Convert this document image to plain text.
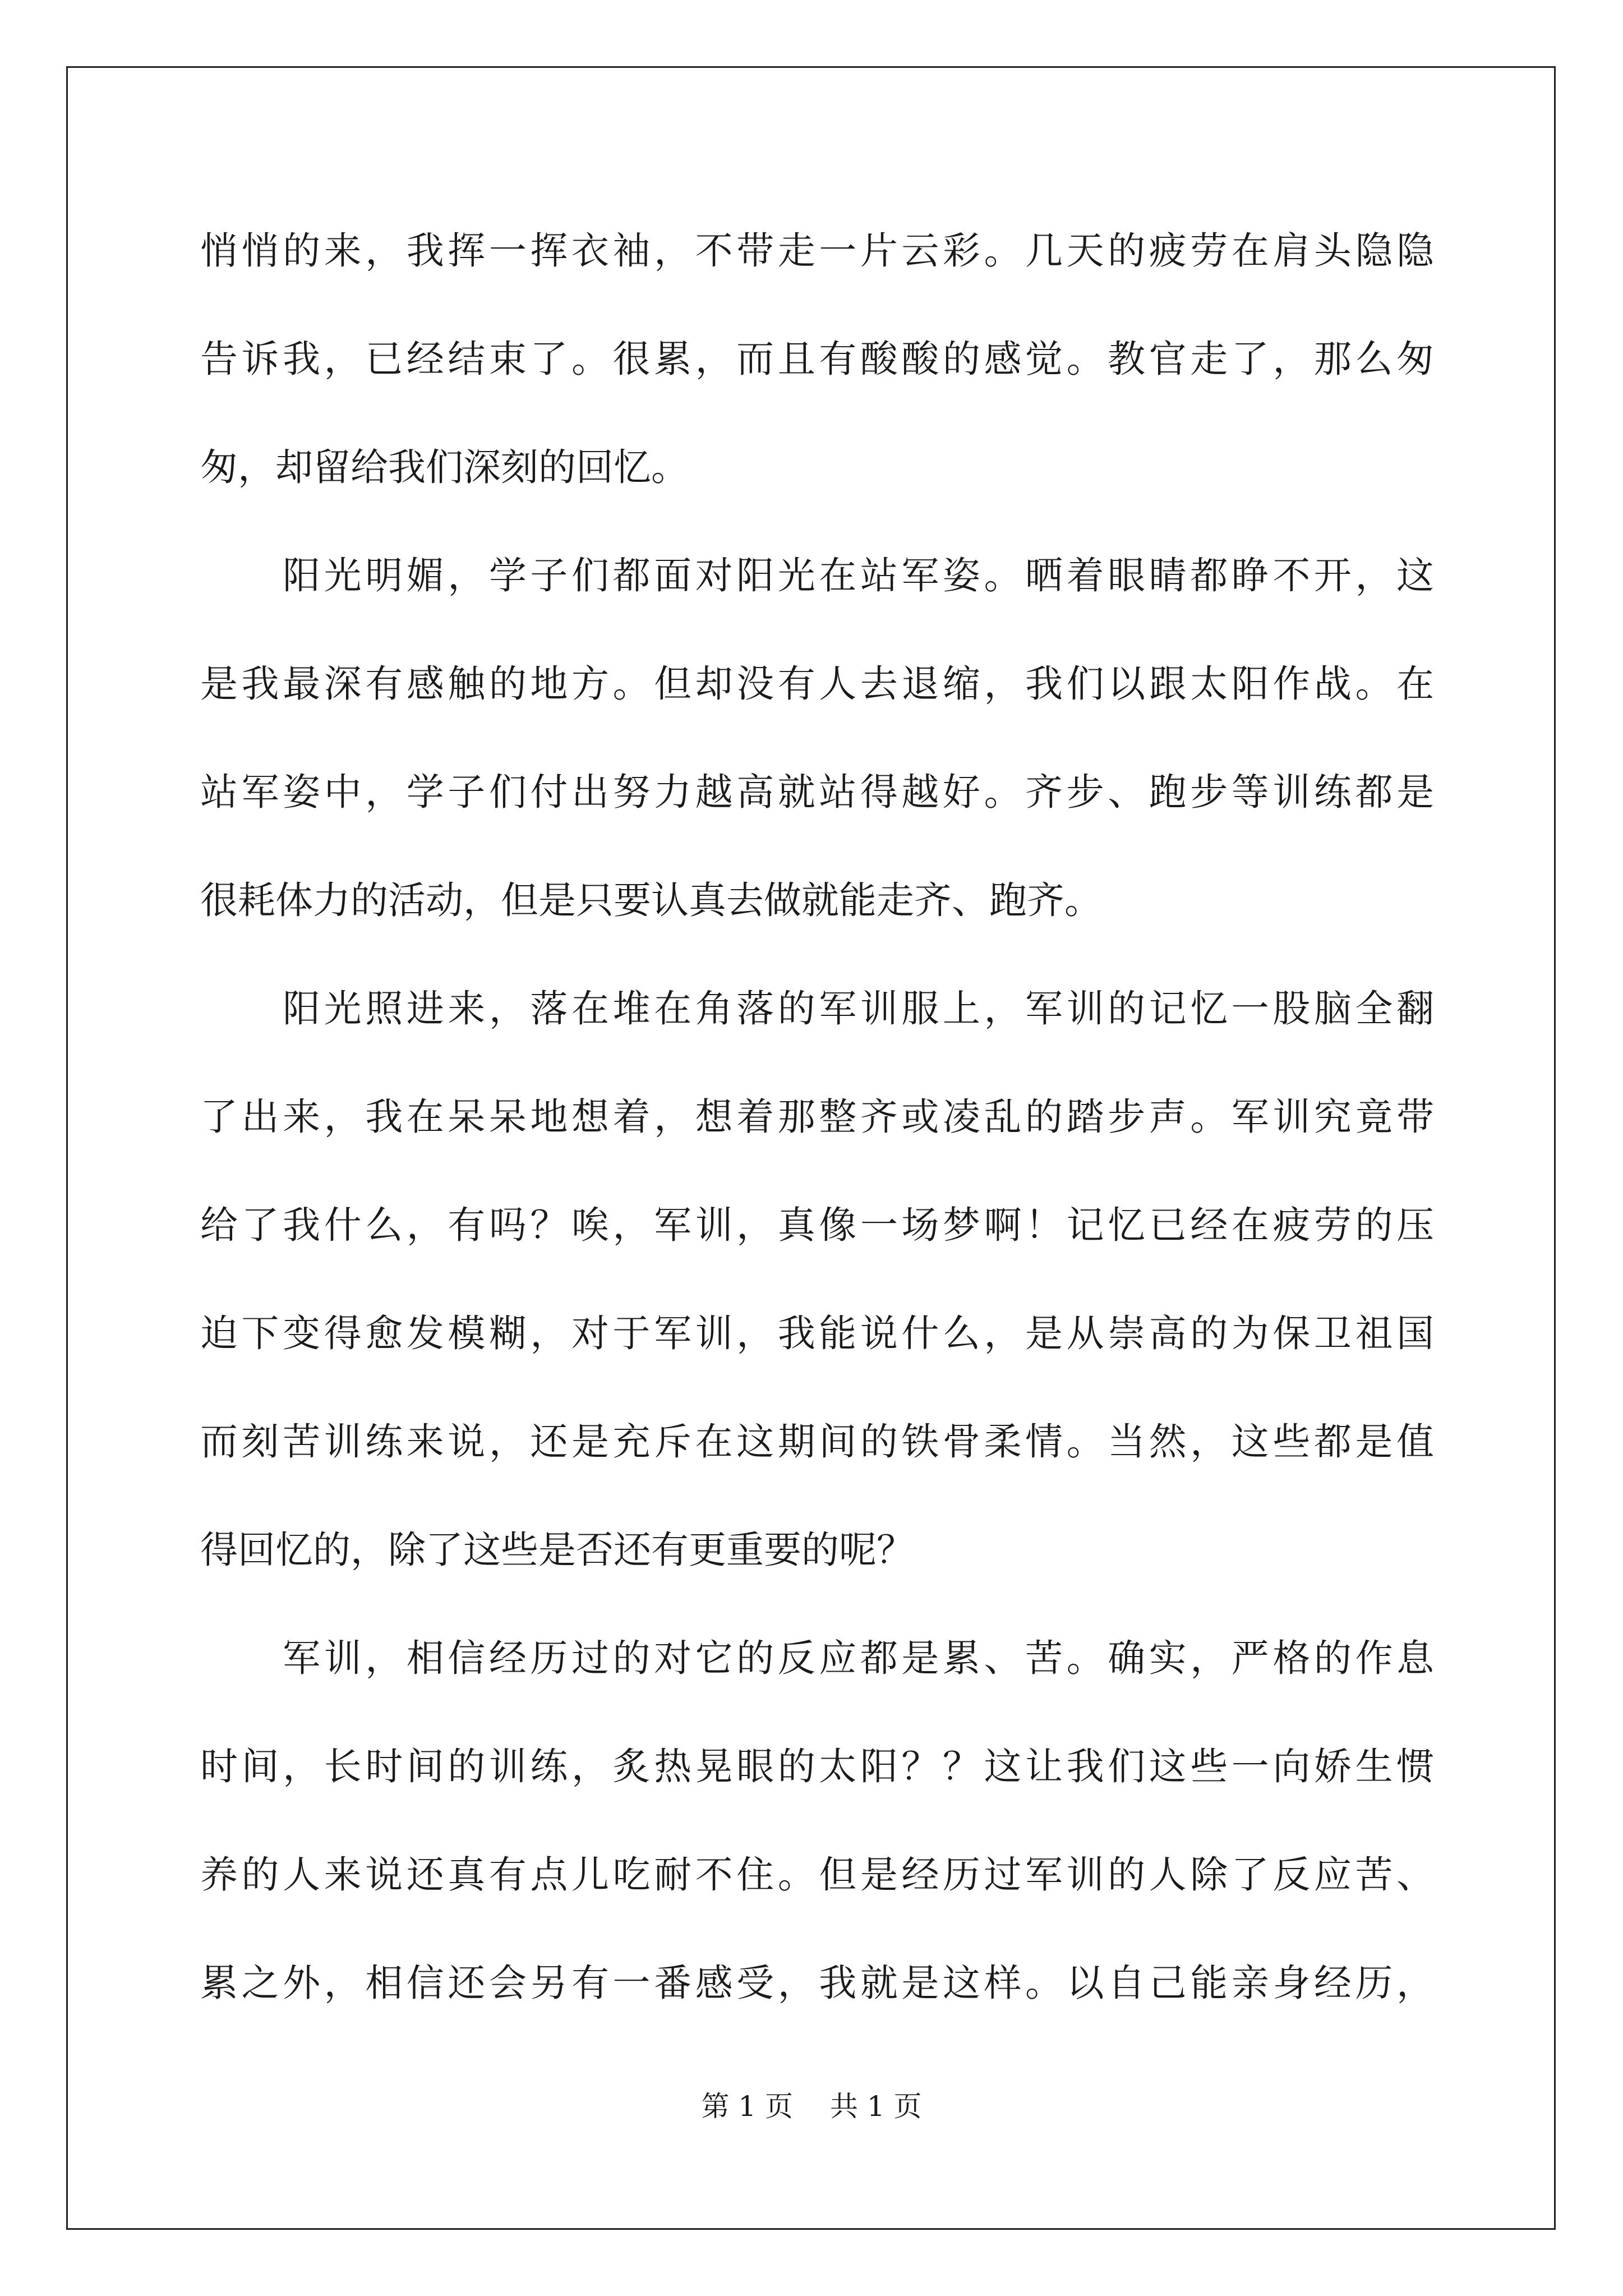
悄悄的来，我挥一挥衣袖，不带走一片云彩。几天的疲劳在肩头隐隐
告诉我，已经结束了。很累，而且有酸酸的感觉。教官走了，那么匆
匆，却留给我们深刻的回忆。
　　阳光明媚，学子们都面对阳光在站军姿。晒着眼睛都睁不开，这
是我最深有感触的地方。但却没有人去退缩，我们以跟太阳作战。在
站军姿中，学子们付出努力越高就站得越好。齐步、跑步等训练都是
很耗体力的活动，但是只要认真去做就能走齐、跑齐。
　　阳光照进来，落在堆在角落的军训服上，军训的记忆一股脑全翻
了出来，我在呆呆地想着，想着那整齐或凌乱的踏步声。军训究竟带
给了我什么，有吗？唉，军训，真像一场梦啊！记忆已经在疲劳的压
迫下变得愈发模糊，对于军训，我能说什么，是从崇高的为保卫祖国
而刻苦训练来说，还是充斥在这期间的铁骨柔情。当然，这些都是值
得回忆的，除了这些是否还有更重要的呢？
　　军训，相信经历过的对它的反应都是累、苦。确实，严格的作息
时间，长时间的训练，炙热晃眼的太阳？？这让我们这些一向娇生惯
养的人来说还真有点儿吃耐不住。但是经历过军训的人除了反应苦、
累之外，相信还会另有一番感受，我就是这样。以自己能亲身经历，
第 1 页　 共 1 页
